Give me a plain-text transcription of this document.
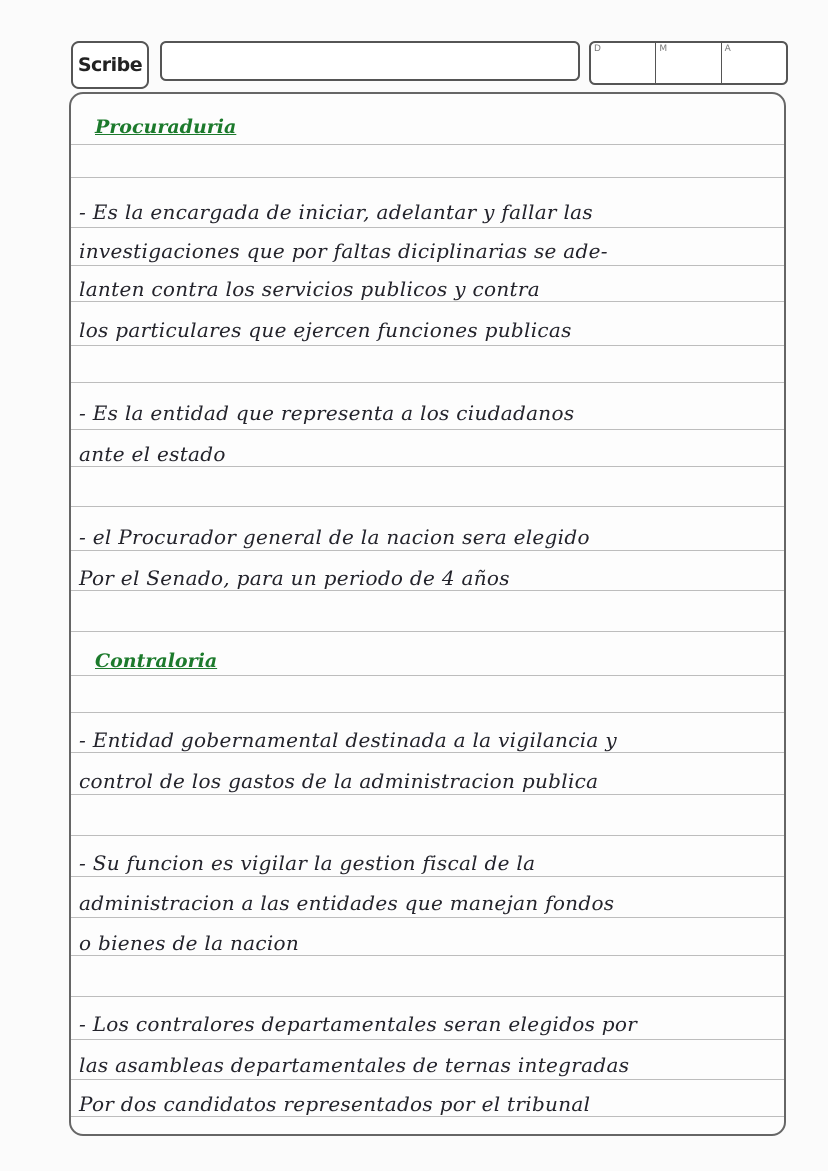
Scribe
D	M	A
Procuraduria
- Es la encargada de iniciar, adelantar y fallar las
investigaciones que por faltas diciplinarias se ade-
lanten contra los servicios publicos y contra
los particulares que ejercen funciones publicas
- Es la entidad que representa a los ciudadanos
ante el estado
- el Procurador general de la nacion sera elegido
Por el Senado, para un periodo de 4 años
Contraloria
- Entidad gobernamental destinada a la vigilancia y
control de los gastos de la administracion publica
- Su funcion es vigilar la gestion fiscal de la
administracion a las entidades que manejan fondos
o bienes de la nacion
- Los contralores departamentales seran elegidos por
las asambleas departamentales de ternas integradas
Por dos candidatos representados por el tribunal
